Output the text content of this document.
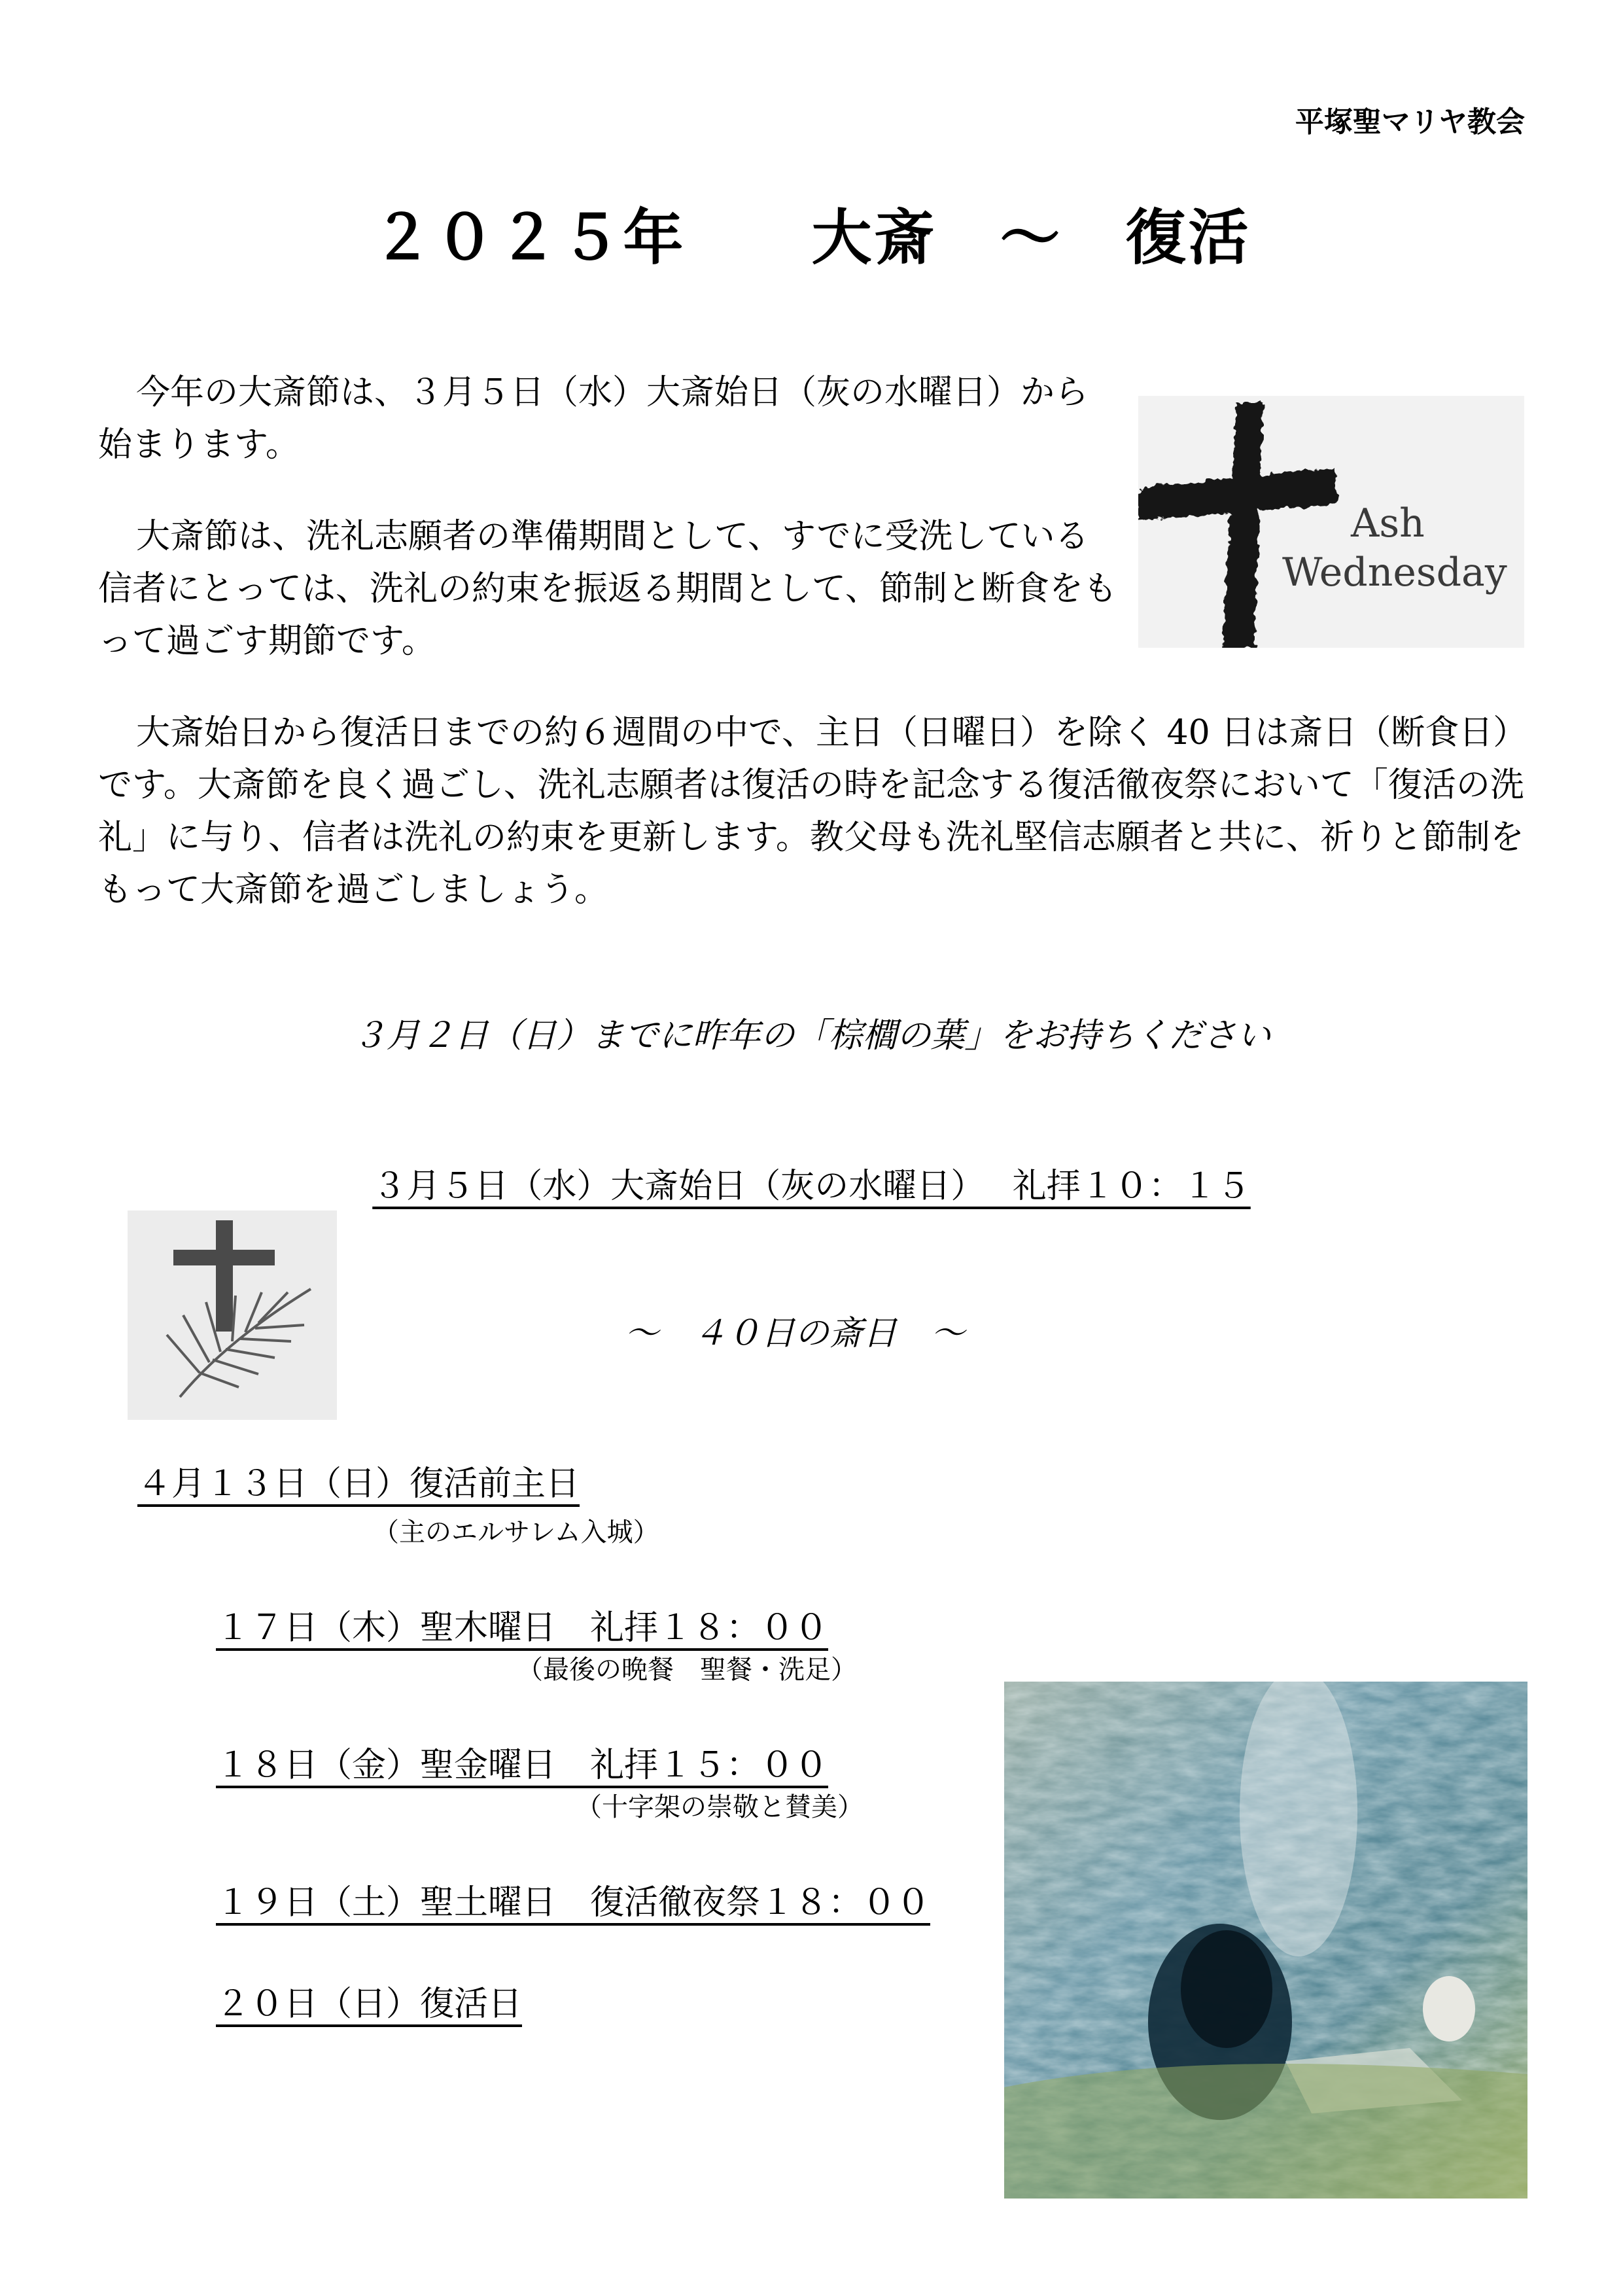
平塚聖マリヤ教会
２０２５年　　大斎　～　復活
今年の大斎節は、３月５日（水）大斎始日（灰の水曜日）から始まります。
大斎節は、洗礼志願者の準備期間として、すでに受洗している信者にとっては、洗礼の約束を振返る期間として、節制と断食をもって過ごす期節です。
大斎始日から復活日までの約６週間の中で、主日（日曜日）を除く 40 日は斎日（断食日）です。大斎節を良く過ごし、洗礼志願者は復活の時を記念する復活徹夜祭において「復活の洗礼」に与り、信者は洗礼の約束を更新します。教父母も洗礼堅信志願者と共に、祈りと節制をもって大斎節を過ごしましょう。
Ash
Wednesday
３月２日（日）までに昨年の「棕櫚の葉」をお持ちください
３月５日（水）大斎始日（灰の水曜日）　 礼拝１０：１５
～　４０日の斎日　～
４月１３日（日）復活前主日
（主のエルサレム入城）
１７日（木）聖木曜日　礼拝１８：００
（最後の晩餐　聖餐・洗足）
１８日（金）聖金曜日　礼拝１５：００
（十字架の崇敬と賛美）
１９日（土）聖土曜日　復活徹夜祭１８：００
２０日（日）復活日
